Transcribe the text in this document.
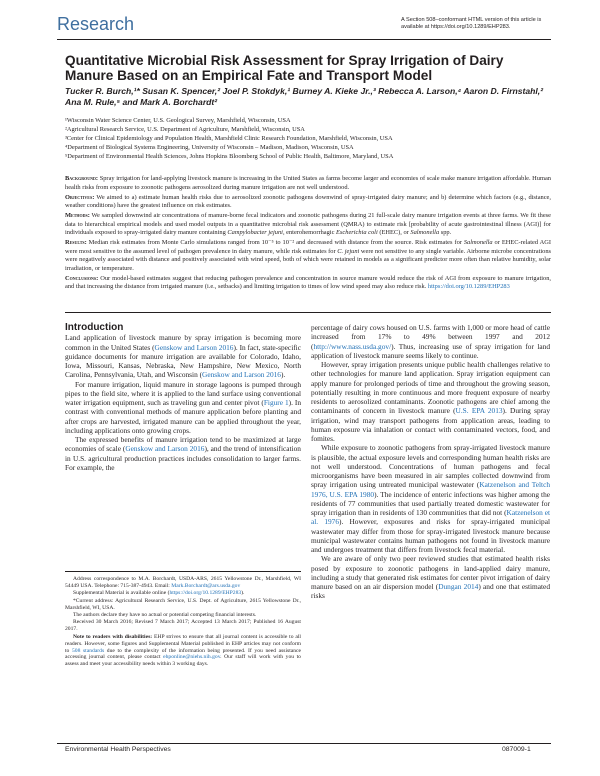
Research	A Section 508–conformant HTML version of this article is available at https://doi.org/10.1289/EHP283.
Quantitative Microbial Risk Assessment for Spray Irrigation of Dairy Manure Based on an Empirical Fate and Transport Model
Tucker R. Burch,¹* Susan K. Spencer,² Joel P. Stokdyk,¹ Burney A. Kieke Jr.,³ Rebecca A. Larson,⁴ Aaron D. Firnstahl,² Ana M. Rule,⁵ and Mark A. Borchardt²
¹Wisconsin Water Science Center, U.S. Geological Survey, Marshfield, Wisconsin, USA
²Agricultural Research Service, U.S. Department of Agriculture, Marshfield, Wisconsin, USA
³Center for Clinical Epidemiology and Population Health, Marshfield Clinic Research Foundation, Marshfield, Wisconsin, USA
⁴Department of Biological Systems Engineering, University of Wisconsin – Madison, Madison, Wisconsin, USA
⁵Department of Environmental Health Sciences, Johns Hopkins Bloomberg School of Public Health, Baltimore, Maryland, USA

Background: Spray irrigation for land-applying livestock manure is increasing in the United States as farms become larger and economies of scale make manure irrigation affordable. Human health risks from exposure to zoonotic pathogens aerosolized during manure irrigation are not well understood.

Objectives: We aimed to a) estimate human health risks due to aerosolized zoonotic pathogens downwind of spray-irrigated dairy manure; and b) determine which factors (e.g., distance, weather conditions) have the greatest influence on risk estimates.

Methods: We sampled downwind air concentrations of manure-borne fecal indicators and zoonotic pathogens during 21 full-scale dairy manure irrigation events at three farms. We fit these data to hierarchical empirical models and used model outputs in a quantitative microbial risk assessment (QMRA) to estimate risk [probability of acute gastrointestinal illness (AGI)] for individuals exposed to spray-irrigated dairy manure containing Campylobacter jejuni, enterohemorrhagic Escherichia coli (EHEC), or Salmonella spp.

Results: Median risk estimates from Monte Carlo simulations ranged from 10⁻⁵ to 10⁻² and decreased with distance from the source. Risk estimates for Salmonella or EHEC-related AGI were most sensitive to the assumed level of pathogen prevalence in dairy manure, while risk estimates for C. jejuni were not sensitive to any single variable. Airborne microbe concentrations were negatively associated with distance and positively associated with wind speed, both of which were retained in models as a significant predictor more often than relative humidity, solar irradiation, or temperature.

Conclusions: Our model-based estimates suggest that reducing pathogen prevalence and concentration in source manure would reduce the risk of AGI from exposure to manure irrigation, and that increasing the distance from irrigated manure (i.e., setbacks) and limiting irrigation to times of low wind speed may also reduce risk. https://doi.org/10.1289/EHP283

Introduction

Land application of livestock manure by spray irrigation is becoming more common in the United States (Genskow and Larson 2016). In fact, state-specific guidance documents for manure irrigation are available for Colorado, Idaho, Iowa, Missouri, Kansas, Nebraska, New Hampshire, New Mexico, North Carolina, Pennsylvania, Utah, and Wisconsin (Genskow and Larson 2016).

For manure irrigation, liquid manure in storage lagoons is pumped through pipes to the field site, where it is applied to the land surface using conventional water irrigation equipment, such as traveling gun and center pivot (Figure 1). In contrast with conventional methods of manure application before planting and after crops are harvested, irrigated manure can be applied throughout the year, including applications onto growing crops.

The expressed benefits of manure irrigation tend to be maximized at large economies of scale (Genskow and Larson 2016), and the trend of intensification in U.S. agricultural production practices includes consolidation to larger farms. For example, the

Address correspondence to M.A. Borchardt, USDA-ARS, 2615 Yellowstone Dr., Marshfield, WI 54449 USA. Telephone: 715-387-4943. Email: Mark.Borchardt@ars.usda.gov

Supplemental Material is available online (https://doi.org/10.1289/EHP283).

*Current address: Agricultural Research Service, U.S. Dept. of Agriculture, 2615 Yellowstone Dr., Marshfield, WI, USA.

The authors declare they have no actual or potential competing financial interests.

Received 30 March 2016; Revised 7 March 2017; Accepted 13 March 2017; Published 16 August 2017.

Note to readers with disabilities: EHP strives to ensure that all journal content is accessible to all readers. However, some figures and Supplemental Material published in EHP articles may not conform to 508 standards due to the complexity of the information being presented. If you need assistance accessing journal content, please contact ehponline@niehs.nih.gov. Our staff will work with you to assess and meet your accessibility needs within 3 working days.

percentage of dairy cows housed on U.S. farms with 1,000 or more head of cattle increased from 17% to 49% between 1997 and 2012 (http://www.nass.usda.gov/). Thus, increasing use of spray irrigation for land application of livestock manure seems likely to continue.

However, spray irrigation presents unique public health challenges relative to other technologies for manure land application. Spray irrigation equipment can apply manure for prolonged periods of time and throughout the growing season, potentially resulting in more continuous and more frequent exposure of nearby residents to aerosolized contaminants. Zoonotic pathogens are chief among the contaminants of concern in livestock manure (U.S. EPA 2013). During spray irrigation, wind may transport pathogens from application areas, leading to human exposure via inhalation or contact with contaminated vectors, food, and fomites.

While exposure to zoonotic pathogens from spray-irrigated livestock manure is plausible, the actual exposure levels and corresponding human health risks are not well understood. Concentrations of human pathogens and fecal microorganisms have been measured in air samples collected downwind from spray irrigation using untreated municipal wastewater (Katzenelson and Teltch 1976, U.S. EPA 1980). The incidence of enteric infections was higher among the residents of 77 communities that used partially treated domestic wastewater for spray irrigation than in residents of 130 communities that did not (Katzenelson et al. 1976). However, exposures and risks for spray-irrigated municipal wastewater may differ from those for spray-irrigated livestock manure because municipal wastewater contains human pathogens not found in livestock manure and undergoes treatment that differs from livestock fecal material.

We are aware of only two peer reviewed studies that estimated health risks posed by exposure to zoonotic pathogens in land-applied dairy manure, including a study that generated risk estimates for center pivot irrigation of dairy manure based on an air dispersion model (Dungan 2014) and one that estimated risks

Environmental Health Perspectives	087009-1
